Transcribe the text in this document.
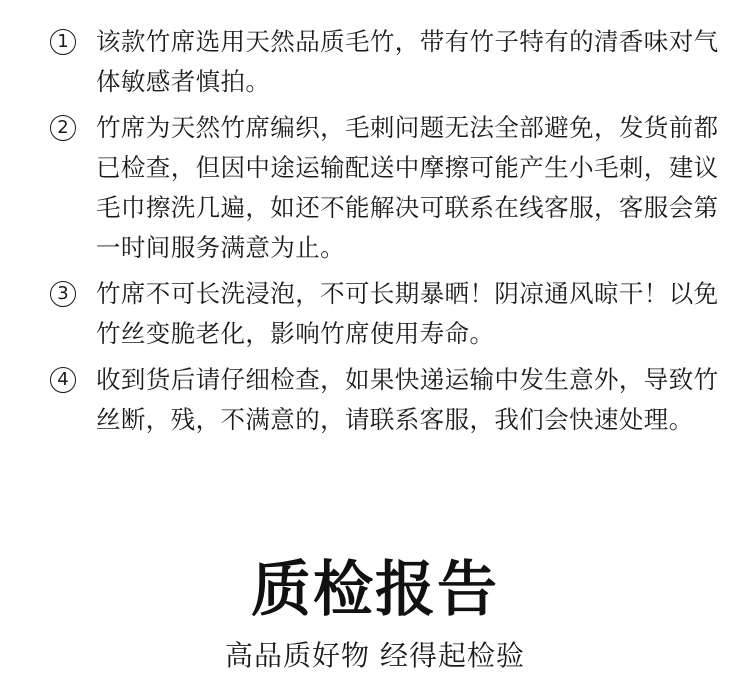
1 该款竹席选用天然品质毛竹，带有竹子特有的清香味对气体敏感者慎拍。
2 竹席为天然竹席编织，毛刺问题无法全部避免，发货前都已检查，但因中途运输配送中摩擦可能产生小毛刺，建议毛巾擦洗几遍，如还不能解决可联系在线客服，客服会第一时间服务满意为止。
3 竹席不可长洗浸泡，不可长期暴晒！阴凉通风晾干！以免竹丝变脆老化，影响竹席使用寿命。
4 收到货后请仔细检查，如果快递运输中发生意外，导致竹丝断，残，不满意的，请联系客服，我们会快速处理。
质检报告
高品质好物 经得起检验
